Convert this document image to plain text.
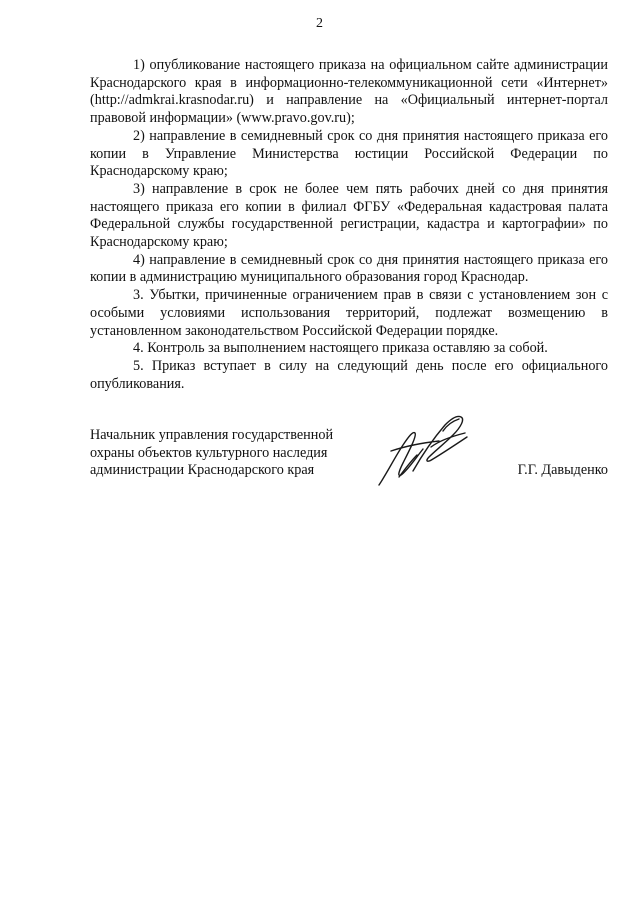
2

1) опубликование настоящего приказа на официальном сайте администрации Краснодарского края в информационно-телекоммуникационной сети «Интернет» (http://admkrai.krasnodar.ru) и направление на «Официальный интернет-портал правовой информации» (www.pravo.gov.ru);

2) направление в семидневный срок со дня принятия настоящего приказа его копии в Управление Министерства юстиции Российской Федерации по Краснодарскому краю;

3) направление в срок не более чем пять рабочих дней со дня принятия настоящего приказа его копии в филиал ФГБУ «Федеральная кадастровая палата Федеральной службы государственной регистрации, кадастра и картографии» по Краснодарскому краю;

4) направление в семидневный срок со дня принятия настоящего приказа его копии в администрацию муниципального образования город Краснодар.

3. Убытки, причиненные ограничением прав в связи с установлением зон с особыми условиями использования территорий, подлежат возмещению в установленном законодательством Российской Федерации порядке.

4. Контроль за выполнением настоящего приказа оставляю за собой.

5. Приказ вступает в силу на следующий день после его официального опубликования.

Начальник управления государственной
охраны объектов культурного наследия
администрации Краснодарского края	Г.Г. Давыденко
